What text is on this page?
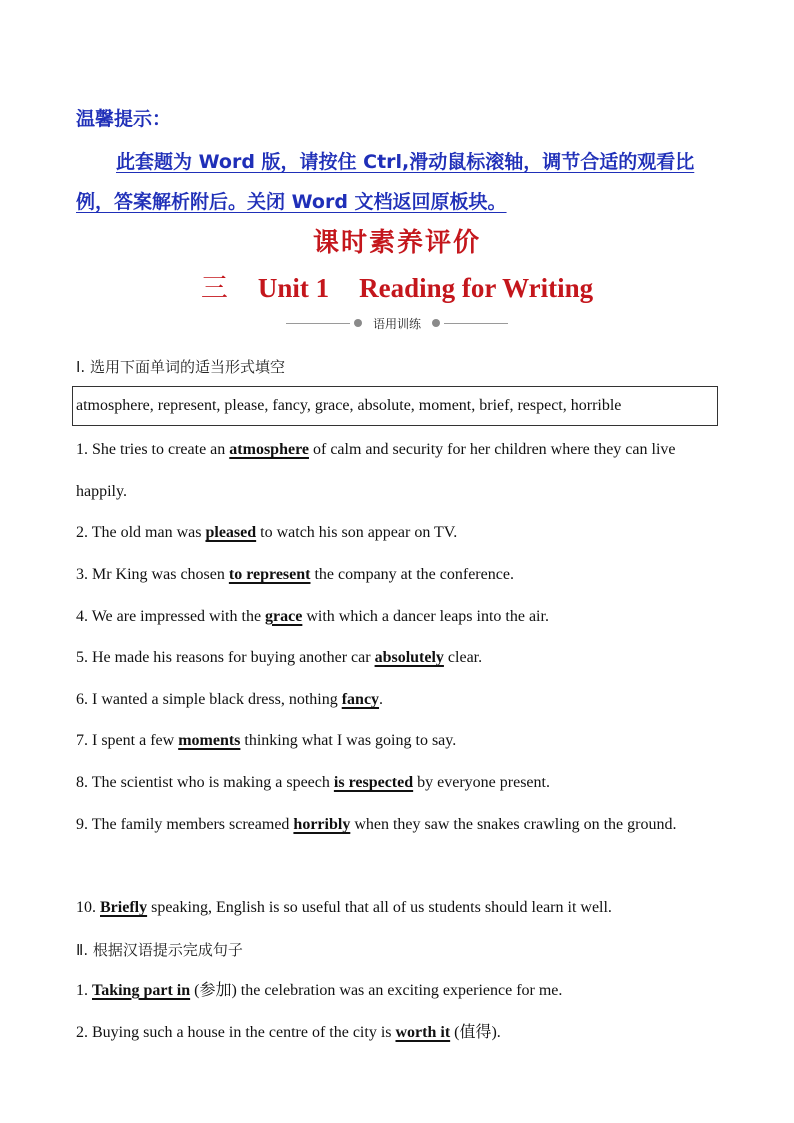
温馨提示：
此套题为 Word 版，请按住 Ctrl,滑动鼠标滚轴，调节合适的观看比例，答案解析附后。关闭 Word 文档返回原板块。
课时素养评价
三 Unit 1 Reading for Writing
语用训练
Ⅰ. 选用下面单词的适当形式填空
atmosphere, represent, please, fancy, grace, absolute, moment, brief, respect, horrible
1. She tries to create an atmosphere of calm and security for her children where they can live happily.
2. The old man was pleased to watch his son appear on TV.
3. Mr King was chosen to represent the company at the conference.
4. We are impressed with the grace with which a dancer leaps into the air.
5. He made his reasons for buying another car absolutely clear.
6. I wanted a simple black dress, nothing fancy.
7. I spent a few moments thinking what I was going to say.
8. The scientist who is making a speech is respected by everyone present.
9. The family members screamed horribly when they saw the snakes crawling on the ground.
10. Briefly speaking, English is so useful that all of us students should learn it well.
Ⅱ. 根据汉语提示完成句子
1. Taking part in (参加) the celebration was an exciting experience for me.
2. Buying such a house in the centre of the city is worth it (值得).
